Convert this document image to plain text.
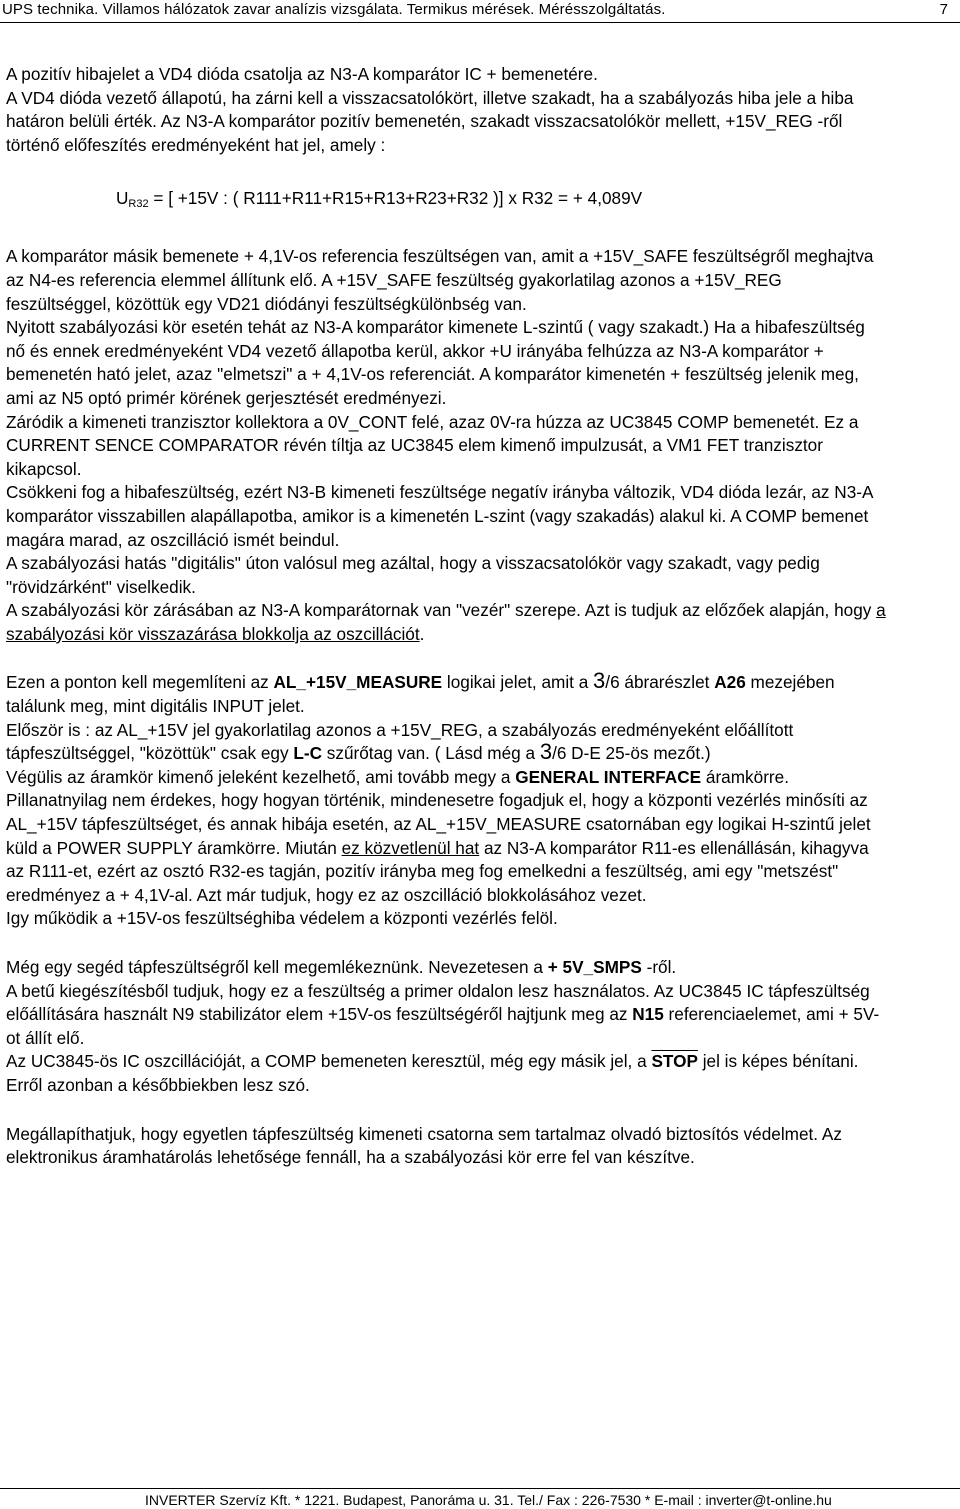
UPS technika. Villamos hálózatok zavar analízis vizsgálata. Termikus mérések. Mérésszolgáltatás.	7

A pozitív hibajelet a VD4 dióda csatolja az N3-A komparátor IC + bemenetére.

A VD4 dióda vezető állapotú, ha zárni kell a visszacsatolókört, illetve szakadt, ha a szabályozás hiba jele a hiba határon belüli érték. Az N3-A komparátor pozitív bemenetén, szakadt visszacsatolókör mellett, +15V_REG -ről történő előfeszítés eredményeként hat jel, amely :

$U_{R32}$ = [ +15V : ( R111+R11+R15+R13+R23+R32 )] x R32 = + 4,089V

A komparátor másik bemenete + 4,1V-os referencia feszültségen van, amit a +15V_SAFE feszültségről meghajtva az N4-es referencia elemmel állítunk elő. A +15V_SAFE feszültség gyakorlatilag azonos a +15V_REG feszültséggel, közöttük egy VD21 diódányi feszültségkülönbség van.

Nyitott szabályozási kör esetén tehát az N3-A komparátor kimenete L-szintű ( vagy szakadt.) Ha a hibafeszültség nő és ennek eredményeként VD4 vezető állapotba kerül, akkor +U irányába felhúzza az N3-A komparátor + bemenetén ható jelet, azaz "elmetszi" a + 4,1V-os referenciát. A komparátor kimenetén + feszültség jelenik meg, ami az N5 optó primér körének gerjesztését eredményezi.

Záródik a kimeneti tranzisztor kollektora a 0V_CONT felé, azaz 0V-ra húzza az UC3845 COMP bemenetét. Ez a CURRENT SENCE COMPARATOR révén tíltja az UC3845 elem kimenő impulzusát, a VM1 FET tranzisztor kikapcsol.

Csökkeni fog a hibafeszültség, ezért N3-B kimeneti feszültsége negatív irányba változik, VD4 dióda lezár, az N3-A komparátor visszabillen alapállapotba, amikor is a kimenetén L-szint (vagy szakadás) alakul ki. A COMP bemenet magára marad, az oszcilláció ismét beindul.

A szabályozási hatás "digitális" úton valósul meg azáltal, hogy a visszacsatolókör vagy szakadt, vagy pedig "rövidzárként" viselkedik.

A szabályozási kör zárásában az N3-A komparátornak van "vezér" szerepe. Azt is tudjuk az előzőek alapján, hogy a szabályozási kör visszazárása blokkolja az oszcillációt.

Ezen a ponton kell megemlíteni az AL_+15V_MEASURE logikai jelet, amit a 3/6 ábrarészlet A26 mezejében találunk meg, mint digitális INPUT jelet.

Először is : az AL_+15V jel gyakorlatilag azonos a +15V_REG, a szabályozás eredményeként előállított tápfeszültséggel, "közöttük" csak egy L-C szűrőtag van. ( Lásd még a 3/6 D-E 25-ös mezőt.)

Végülis az áramkör kimenő jeleként kezelhető, ami tovább megy a GENERAL INTERFACE áramkörre.

Pillanatnyilag nem érdekes, hogy hogyan történik, mindenesetre fogadjuk el, hogy a központi vezérlés minősíti az AL_+15V tápfeszültséget, és annak hibája esetén, az AL_+15V_MEASURE csatornában egy logikai H-szintű jelet küld a POWER SUPPLY áramkörre. Miután ez közvetlenül hat az N3-A komparátor R11-es ellenállásán, kihagyva az R111-et, ezért az osztó R32-es tagján, pozitív irányba meg fog emelkedni a feszültség, ami egy "metszést" eredményez a + 4,1V-al. Azt már tudjuk, hogy ez az oszcilláció blokkolásához vezet.

Igy működik a +15V-os feszültséghiba védelem a központi vezérlés felöl.

Még egy segéd tápfeszültségről kell megemlékeznünk. Nevezetesen a + 5V_SMPS -ről.

A betű kiegészítésből tudjuk, hogy ez a feszültség a primer oldalon lesz használatos. Az UC3845 IC tápfeszültség előállítására használt N9 stabilizátor elem +15V-os feszültségéről hajtjunk meg az N15 referenciaelemet, ami + 5V-ot állít elő.

Az UC3845-ös IC oszcillációját, a COMP bemeneten keresztül, még egy másik jel, a STOP jel is képes bénítani. Erről azonban a későbbiekben lesz szó.

Megállapíthatjuk, hogy egyetlen tápfeszültség kimeneti csatorna sem tartalmaz olvadó biztosítós védelmet. Az elektronikus áramhatárolás lehetősége fennáll, ha a szabályozási kör erre fel van készítve.

INVERTER Szervíz Kft. * 1221. Budapest, Panoráma u. 31. Tel./ Fax : 226-7530 * E-mail : inverter@t-online.hu
